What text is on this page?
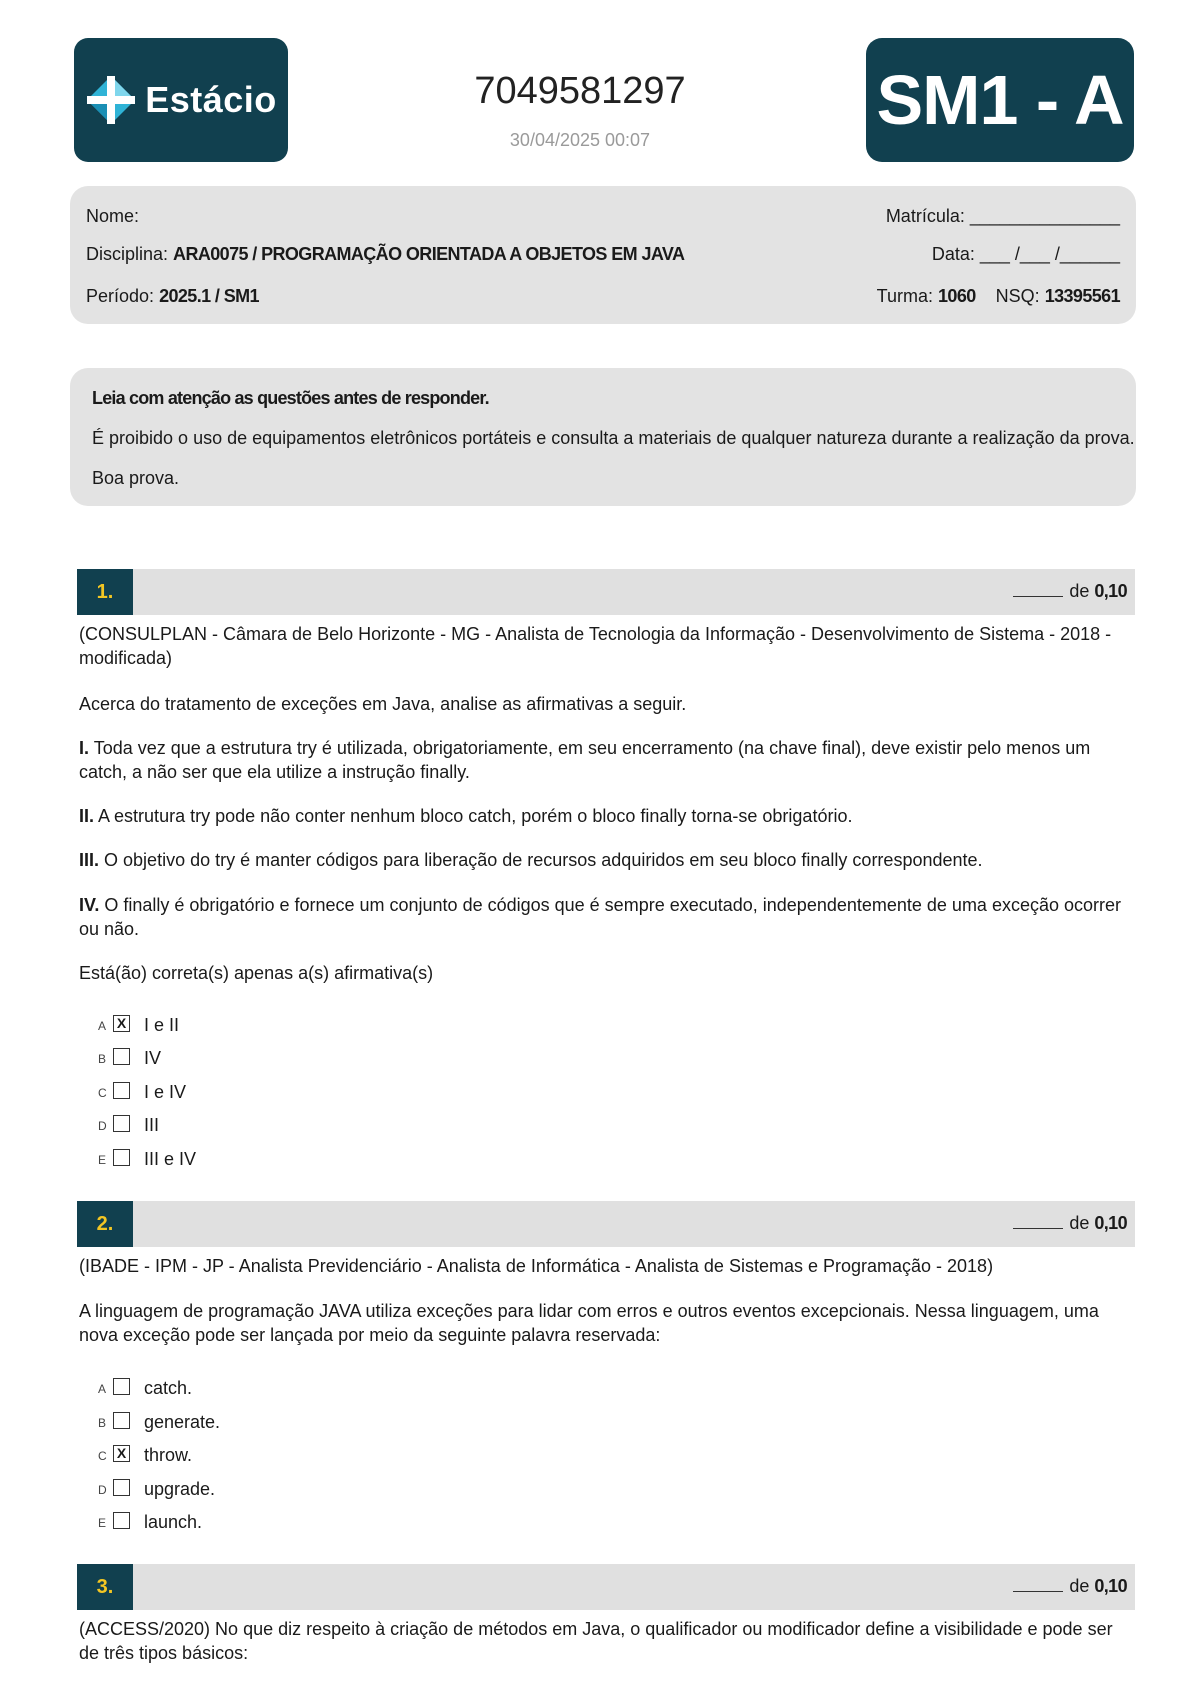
Estácio	7049581297
30/04/2025 00:07
SM1 - A
Nome:	Matrícula: _______________
Disciplina: ARA0075 / PROGRAMAÇÃO ORIENTADA A OBJETOS EM JAVA	Data: ___ /___ /______
Período: 2025.1 / SM1	Turma: 1060 NSQ: 13395561
Leia com atenção as questões antes de responder.
É proibido o uso de equipamentos eletrônicos portáteis e consulta a materiais de qualquer natureza durante a realização da prova.
Boa prova.
1.	de 0,10
(CONSULPLAN - Câmara de Belo Horizonte - MG - Analista de Tecnologia da Informação - Desenvolvimento de Sistema - 2018 - modificada)
Acerca do tratamento de exceções em Java, analise as afirmativas a seguir.
I. Toda vez que a estrutura try é utilizada, obrigatoriamente, em seu encerramento (na chave final), deve existir pelo menos um catch, a não ser que ela utilize a instrução finally.
II. A estrutura try pode não conter nenhum bloco catch, porém o bloco finally torna-se obrigatório.
III. O objetivo do try é manter códigos para liberação de recursos adquiridos em seu bloco finally correspondente.
IV. O finally é obrigatório e fornece um conjunto de códigos que é sempre executado, independentemente de uma exceção ocorrer ou não.
Está(ão) correta(s) apenas a(s) afirmativa(s)
A X I e II
B IV
C I e IV
D III
E III e IV
2.	de 0,10
(IBADE - IPM - JP - Analista Previdenciário - Analista de Informática - Analista de Sistemas e Programação - 2018)
A linguagem de programação JAVA utiliza exceções para lidar com erros e outros eventos excepcionais. Nessa linguagem, uma nova exceção pode ser lançada por meio da seguinte palavra reservada:
A catch.
B generate.
C X throw.
D upgrade.
E launch.
3.	de 0,10
(ACCESS/2020) No que diz respeito à criação de métodos em Java, o qualificador ou modificador define a visibilidade e pode ser de três tipos básicos:
